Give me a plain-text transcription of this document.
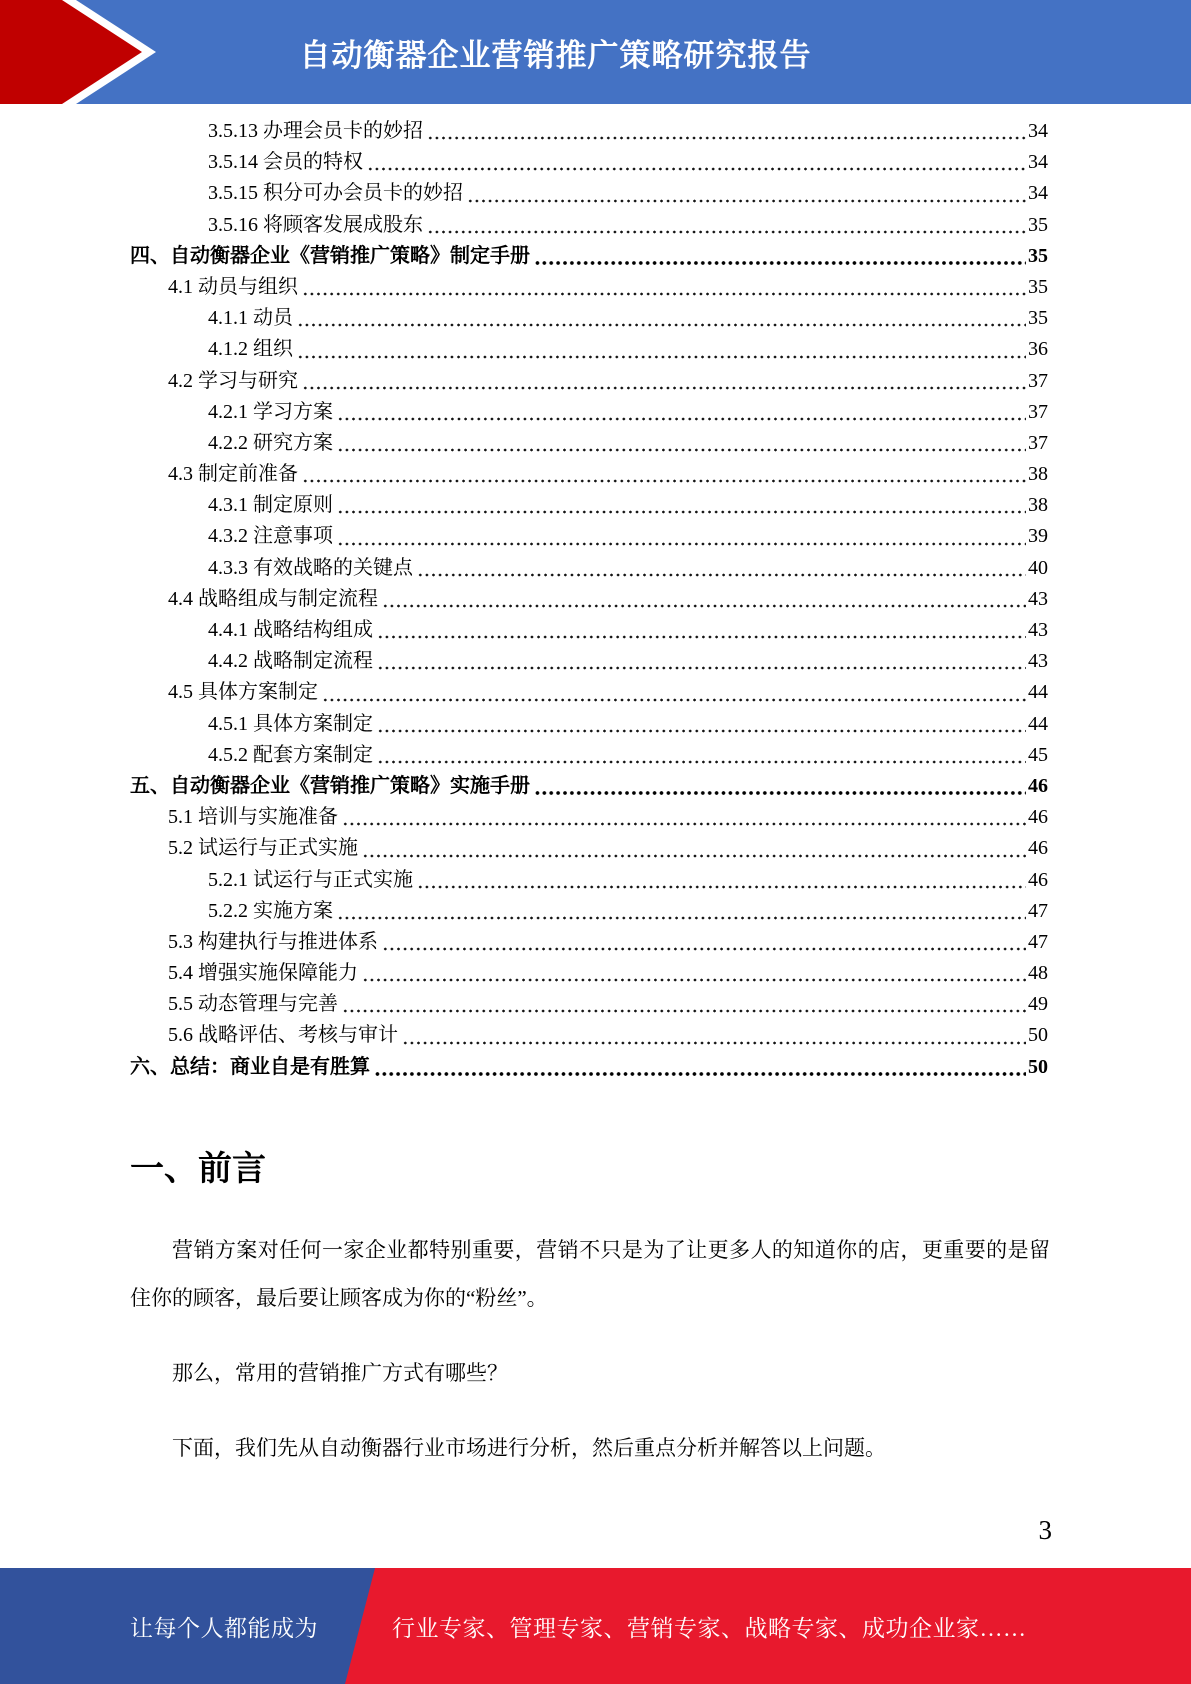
自动衡器企业营销推广策略研究报告
3.5.13 办理会员卡的妙招	34
3.5.14 会员的特权	34
3.5.15 积分可办会员卡的妙招	34
3.5.16 将顾客发展成股东	35
四、自动衡器企业《营销推广策略》制定手册	35
4.1 动员与组织	35
4.1.1 动员	35
4.1.2 组织	36
4.2 学习与研究	37
4.2.1 学习方案	37
4.2.2 研究方案	37
4.3 制定前准备	38
4.3.1 制定原则	38
4.3.2 注意事项	39
4.3.3 有效战略的关键点	40
4.4 战略组成与制定流程	43
4.4.1 战略结构组成	43
4.4.2 战略制定流程	43
4.5 具体方案制定	44
4.5.1 具体方案制定	44
4.5.2 配套方案制定	45
五、自动衡器企业《营销推广策略》实施手册	46
5.1 培训与实施准备	46
5.2 试运行与正式实施	46
5.2.1 试运行与正式实施	46
5.2.2 实施方案	47
5.3 构建执行与推进体系	47
5.4 增强实施保障能力	48
5.5 动态管理与完善	49
5.6 战略评估、考核与审计	50
六、总结：商业自是有胜算	50
一、前言

营销方案对任何一家企业都特别重要，营销不只是为了让更多人的知道你的店，更重要的是留住你的顾客，最后要让顾客成为你的“粉丝”。

那么，常用的营销推广方式有哪些？

下面，我们先从自动衡器行业市场进行分析，然后重点分析并解答以上问题。

3
让每个人都能成为	行业专家、管理专家、营销专家、战略专家、成功企业家……
